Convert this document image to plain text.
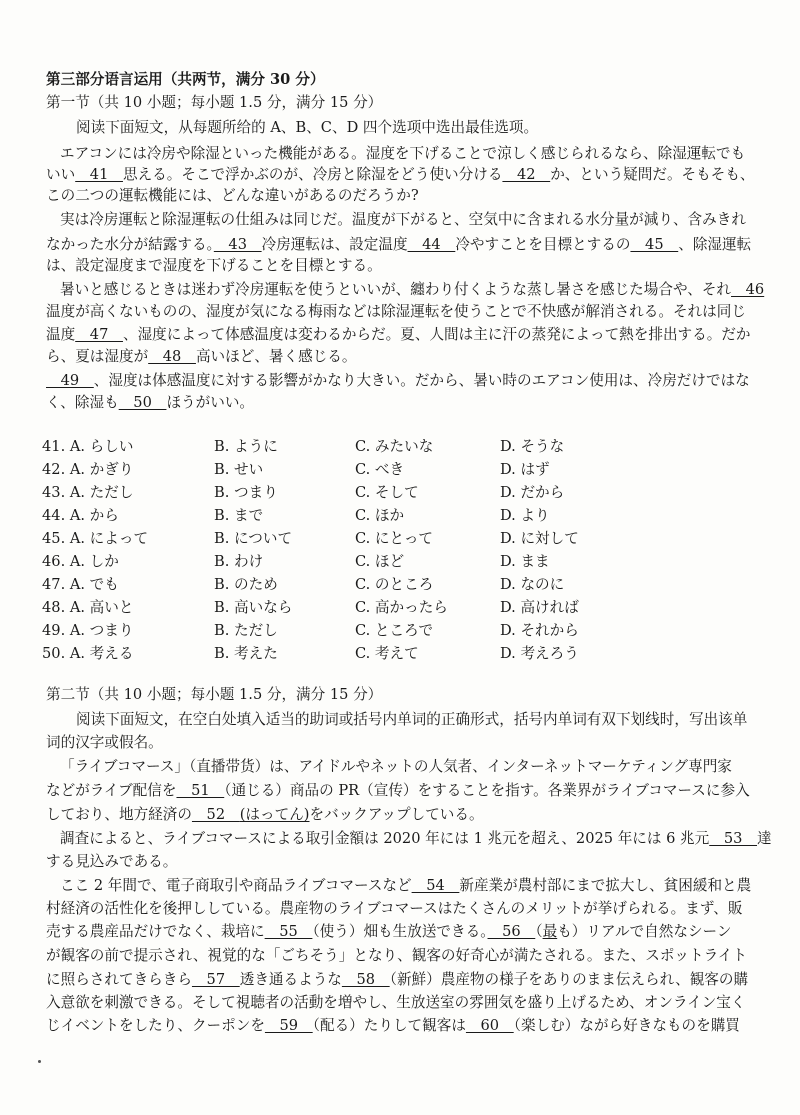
第三部分语言运用（共两节，满分 30 分）
第一节（共 10 小题；每小题 1.5 分，满分 15 分）
阅读下面短文，从每题所给的 A、B、C、D 四个选项中选出最佳选项。
エアコンには冷房や除湿といった機能がある。湿度を下げることで涼しく感じられるなら、除湿運転でも
いい　41　思える。そこで浮かぶのが、冷房と除湿をどう使い分ける　42　か、という疑問だ。そもそも、
この二つの運転機能には、どんな違いがあるのだろうか?
実は冷房運転と除湿運転の仕組みは同じだ。温度が下がると、空気中に含まれる水分量が減り、含みきれ
なかった水分が結露する。　43　冷房運転は、設定温度　44　冷やすことを目標とするの　45　、除湿運転
は、設定湿度まで湿度を下げることを目標とする。
暑いと感じるときは迷わず冷房運転を使うといいが、纏わり付くような蒸し暑さを感じた場合や、それ　46
温度が高くないものの、湿度が気になる梅雨などは除湿運転を使うことで不快感が解消される。それは同じ
温度　47　、湿度によって体感温度は変わるからだ。夏、人間は主に汗の蒸発によって熱を排出する。だか
ら、夏は湿度が　48　高いほど、暑く感じる。
　49　、湿度は体感温度に対する影響がかなり大きい。だから、暑い時のエアコン使用は、冷房だけではな
く、除湿も　50　ほうがいい。
41. A. らしい	B. ように	C. みたいな	D. そうな
42. A. かぎり	B. せい	C. べき	D. はず
43. A. ただし	B. つまり	C. そして	D. だから
44. A. から	B. まで	C. ほか	D. より
45. A. によって	B. について	C. にとって	D. に対して
46. A. しか	B. わけ	C. ほど	D. まま
47. A. でも	B. のため	C. のところ	D. なのに
48. A. 高いと	B. 高いなら	C. 高かったら	D. 高ければ
49. A. つまり	B. ただし	C. ところで	D. それから
50. A. 考える	B. 考えた	C. 考えて	D. 考えろう
第二节（共 10 小题；每小题 1.5 分，满分 15 分）
阅读下面短文，在空白处填入适当的助词或括号内单词的正确形式，括号内单词有双下划线时，写出该单
词的汉字或假名。
「ライブコマース」（直播带货）は、アイドルやネットの人気者、インターネットマーケティング専門家
などがライブ配信を　51　（通じる）商品の PR（宣传）をすることを指す。各業界がライブコマースに参入
しており、地方経済の　52　(はってん)をバックアップしている。
調査によると、ライブコマースによる取引金額は 2020 年には 1 兆元を超え、2025 年には 6 兆元　53　達
する見込みである。
ここ 2 年間で、電子商取引や商品ライブコマースなど　54　新産業が農村部にまで拡大し、貧困緩和と農
村経済の活性化を後押ししている。農産物のライブコマースはたくさんのメリットが挙げられる。まず、販
売する農産品だけでなく、栽培に　55　（使う）畑も生放送できる。　56　（最も）リアルで自然なシーン
が観客の前で提示され、視覚的な「ごちそう」となり、観客の好奇心が満たされる。また、スポットライト
に照らされてきらきら　57　透き通るような　58　（新鮮）農産物の様子をありのまま伝えられ、観客の購
入意欲を刺激できる。そして視聴者の活動を増やし、生放送室の雰囲気を盛り上げるため、オンライン宝く
じイベントをしたり、クーポンを　59　（配る）たりして観客は　60　（楽しむ）ながら好きなものを購買
